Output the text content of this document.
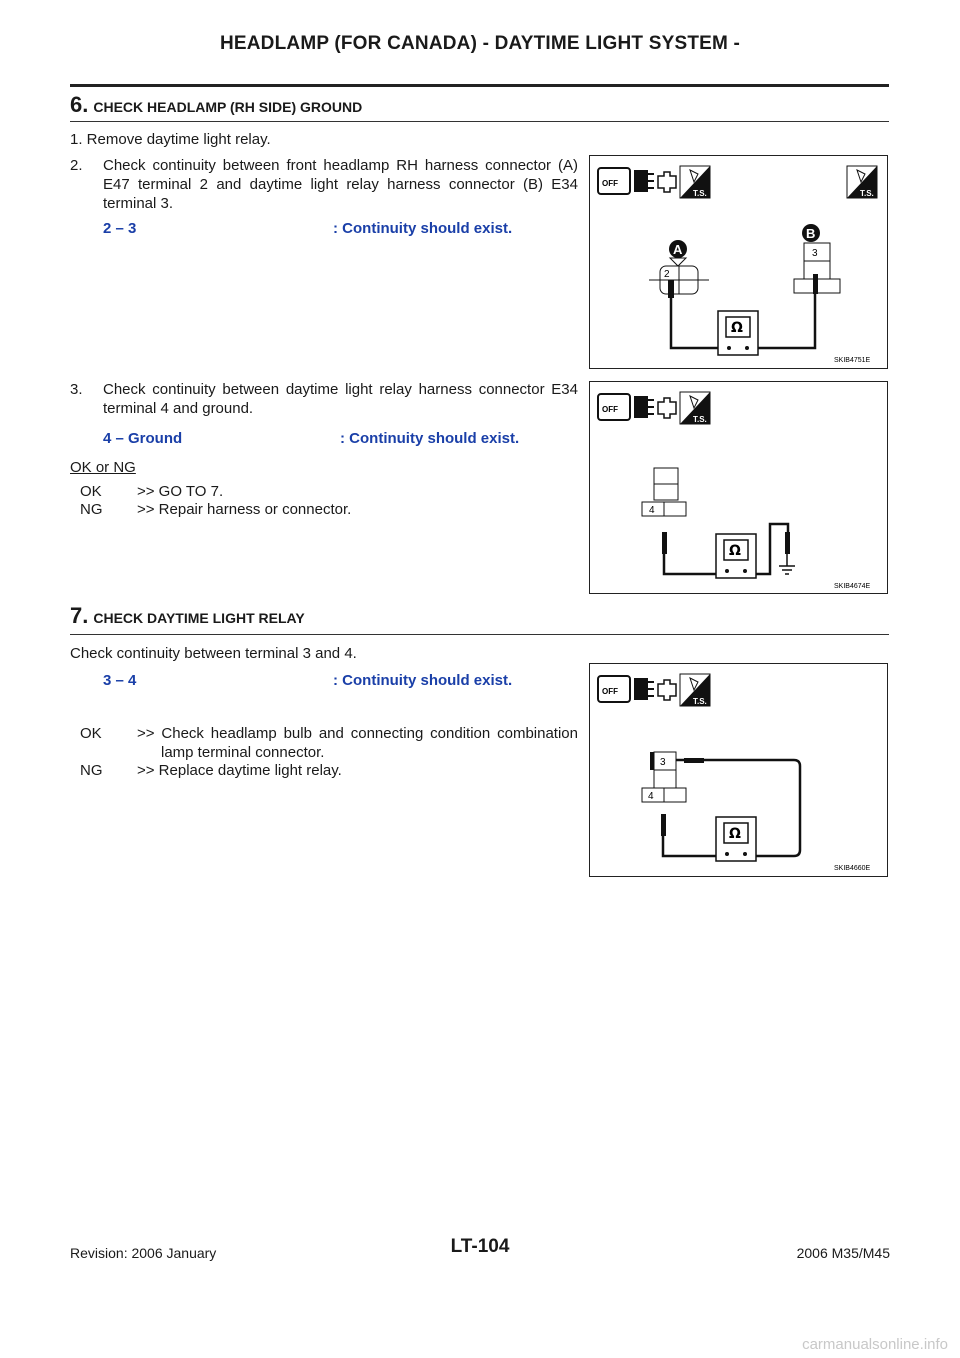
HEADLAMP (FOR CANADA) - DAYTIME LIGHT SYSTEM -
6. CHECK HEADLAMP (RH SIDE) GROUND
1. Remove daytime light relay.
2. Check continuity between front headlamp RH harness connector (A) E47 terminal 2 and daytime light relay harness connector (B) E34 terminal 3.
2 – 3	: Continuity should exist.
3. Check continuity between daytime light relay harness connector E34 terminal 4 and ground.
4 – Ground	: Continuity should exist.
OK or NG
OK >> GO TO 7.
NG >> Repair harness or connector.
7. CHECK DAYTIME LIGHT RELAY
Check continuity between terminal 3 and 4.
3 – 4	: Continuity should exist.
OK >> Check headlamp bulb and connecting condition combination lamp terminal connector.
NG >> Replace daytime light relay.
OFF
T.S.	T.S.
A
2
B
3
Ω
SKIB4751E
OFF
T.S.
4
Ω
SKIB4674E
OFF
T.S.
3
4
Ω
SKIB4660E
LT-104
Revision: 2006 January	2006 M35/M45
carmanualsonline.info
